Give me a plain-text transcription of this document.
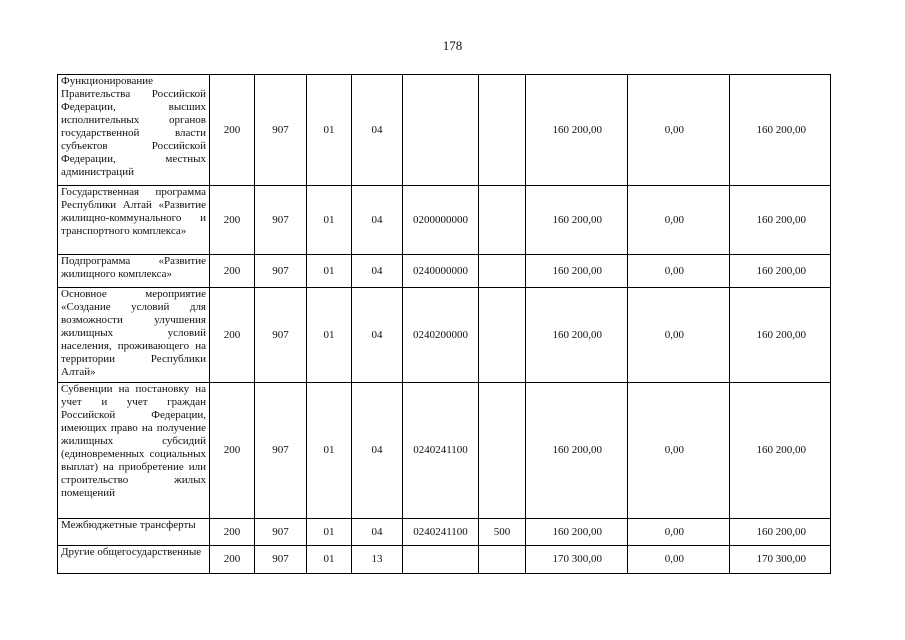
178
Функционирование Правительства Российской Федерации, высших исполнительных органов государственной власти субъектов Российской Федерации, местных администраций	200	907	01	04			160 200,00	0,00	160 200,00
Государственная программа Республики Алтай «Развитие жилищно-коммунального и транспортного комплекса»	200	907	01	04	0200000000		160 200,00	0,00	160 200,00
Подпрограмма «Развитие жилищного комплекса»	200	907	01	04	0240000000		160 200,00	0,00	160 200,00
Основное мероприятие «Создание условий для возможности улучшения жилищных условий населения, проживающего на территории Республики Алтай»	200	907	01	04	0240200000		160 200,00	0,00	160 200,00
Субвенции на постановку на учет и учет граждан Российской Федерации, имеющих право на получение жилищных субсидий (единовременных социальных выплат) на приобретение или строительство жилых помещений	200	907	01	04	0240241100		160 200,00	0,00	160 200,00
Межбюджетные трансферты	200	907	01	04	0240241100	500	160 200,00	0,00	160 200,00
Другие общегосударственные	200	907	01	13			170 300,00	0,00	170 300,00
